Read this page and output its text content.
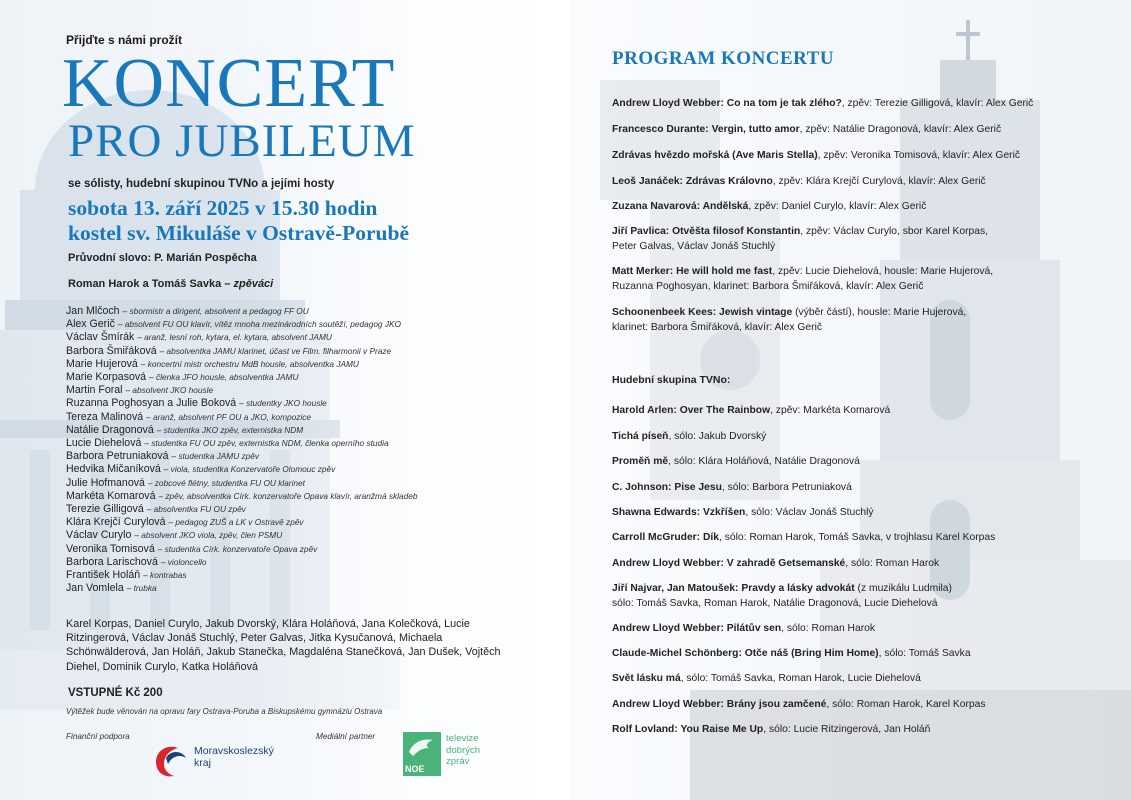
Přijďte s námi prožít
KONCERT
PRO JUBILEUM
se sólisty, hudební skupinou TVNo a jejími hosty
sobota 13. září 2025 v 15.30 hodin
kostel sv. Mikuláše v Ostravě-Porubě
Průvodní slovo: P. Marián Pospěcha
Roman Harok a Tomáš Savka – zpěváci
Jan Mlčoch – sbormistr a dirigent, absolvent a pedagog FF OU
Alex Gerič – absolvent FU OU klavír, vítěz mnoha mezinárodních soutěží, pedagog JKO
Václav Šmírák – aranž, lesní roh, kytara, el. kytara, absolvent JAMU
Barbora Šmiřáková – absolventka JAMU klarinet, účast ve Film. filharmonii v Praze
Marie Hujerová – koncertní mistr orchestru MdB housle, absolventka JAMU
Marie Korpasová – členka JFO housle, absolventka JAMU
Martin Foral – absolvent JKO housle
Ruzanna Poghosyan a Julie Boková – studentky JKO housle
Tereza Malinová – aranž, absolvent PF OU a JKO, kompozice
Natálie Dragonová – studentka JKO zpěv, externistka NDM
Lucie Diehelová – studentka FU OU zpěv, externistka NDM, členka operního studia
Barbora Petruniaková – studentka JAMU zpěv
Hedvika Mičaníková – viola, studentka Konzervatoře Olomouc zpěv
Julie Hofmanová – zobcové flétny, studentka FU OU klarinet
Markéta Komarová – zpěv, absolventka Círk. konzervatoře Opava klavír, aranžmá skladeb
Terezie Gilligová – absolventka FU OU zpěv
Klára Krejčí Curylová – pedagog ZUŠ a LK v Ostravě zpěv
Václav Curylo – absolvent JKO viola, zpěv, člen PSMU
Veronika Tomisová – studentka Círk. konzervatoře Opava zpěv
Barbora Larischová – violoncello
František Holáň – kontrabas
Jan Vomlela – trubka
Karel Korpas, Daniel Curylo, Jakub Dvorský, Klára Holáňová, Jana Kolečková, Lucie Ritzingerová, Václav Jonáš Stuchlý, Peter Galvas, Jitka Kysučanová, Michaela Schönwälderová, Jan Holáň, Jakub Stanečka, Magdaléna Stanečková, Jan Dušek, Vojtěch Diehel, Dominik Curylo, Katka Holáňová
VSTUPNÉ Kč 200
Výtěžek bude věnován na opravu fary Ostrava-Poruba a Biskupskému gymnáziu Ostrava
Finanční podpora	Mediální partner
Moravskoslezský
kraj	NOE
televize
dobrých
zpráv
PROGRAM KONCERTU
Andrew Lloyd Webber: Co na tom je tak zlého?, zpěv: Terezie Gilligová, klavír: Alex Gerič
Francesco Durante: Vergin, tutto amor, zpěv: Natálie Dragonová, klavír: Alex Gerič
Zdrávas hvězdo mořská (Ave Maris Stella), zpěv: Veronika Tomisová, klavír: Alex Gerič
Leoš Janáček: Zdrávas Královno, zpěv: Klára Krejčí Curylová, klavír: Alex Gerič
Zuzana Navarová: Andělská, zpěv: Daniel Curylo, klavír: Alex Gerič
Jiří Pavlica: Otvěšta filosof Konstantin, zpěv: Václav Curylo, sbor Karel Korpas,
Peter Galvas, Václav Jonáš Stuchlý
Matt Merker: He will hold me fast, zpěv: Lucie Diehelová, housle: Marie Hujerová,
Ruzanna Poghosyan, klarinet: Barbora Šmiřáková, klavír: Alex Gerič
Schoonenbeek Kees: Jewish vintage (výběr částí), housle: Marie Hujerová,
klarinet: Barbora Šmiřáková, klavír: Alex Gerič
Hudební skupina TVNo:
Harold Arlen: Over The Rainbow, zpěv: Markéta Komarová
Tichá píseň, sólo: Jakub Dvorský
Proměň mě, sólo: Klára Holáňová, Natálie Dragonová
C. Johnson: Pise Jesu, sólo: Barbora Petruniaková
Shawna Edwards: Vzkříšen, sólo: Václav Jonáš Stuchlý
Carroll McGruder: Dík, sólo: Roman Harok, Tomáš Savka, v trojhlasu Karel Korpas
Andrew Lloyd Webber: V zahradě Getsemanské, sólo: Roman Harok
Jiří Najvar, Jan Matoušek: Pravdy a lásky advokát (z muzikálu Ludmila)
sólo: Tomáš Savka, Roman Harok, Natálie Dragonová, Lucie Diehelová
Andrew Lloyd Webber: Pilátův sen, sólo: Roman Harok
Claude-Michel Schönberg: Otče náš (Bring Him Home), sólo: Tomáš Savka
Svět lásku má, sólo: Tomáš Savka, Roman Harok, Lucie Diehelová
Andrew Lloyd Webber: Brány jsou zamčené, sólo: Roman Harok, Karel Korpas
Rolf Lovland: You Raise Me Up, sólo: Lucie Ritzingerová, Jan Holáň
